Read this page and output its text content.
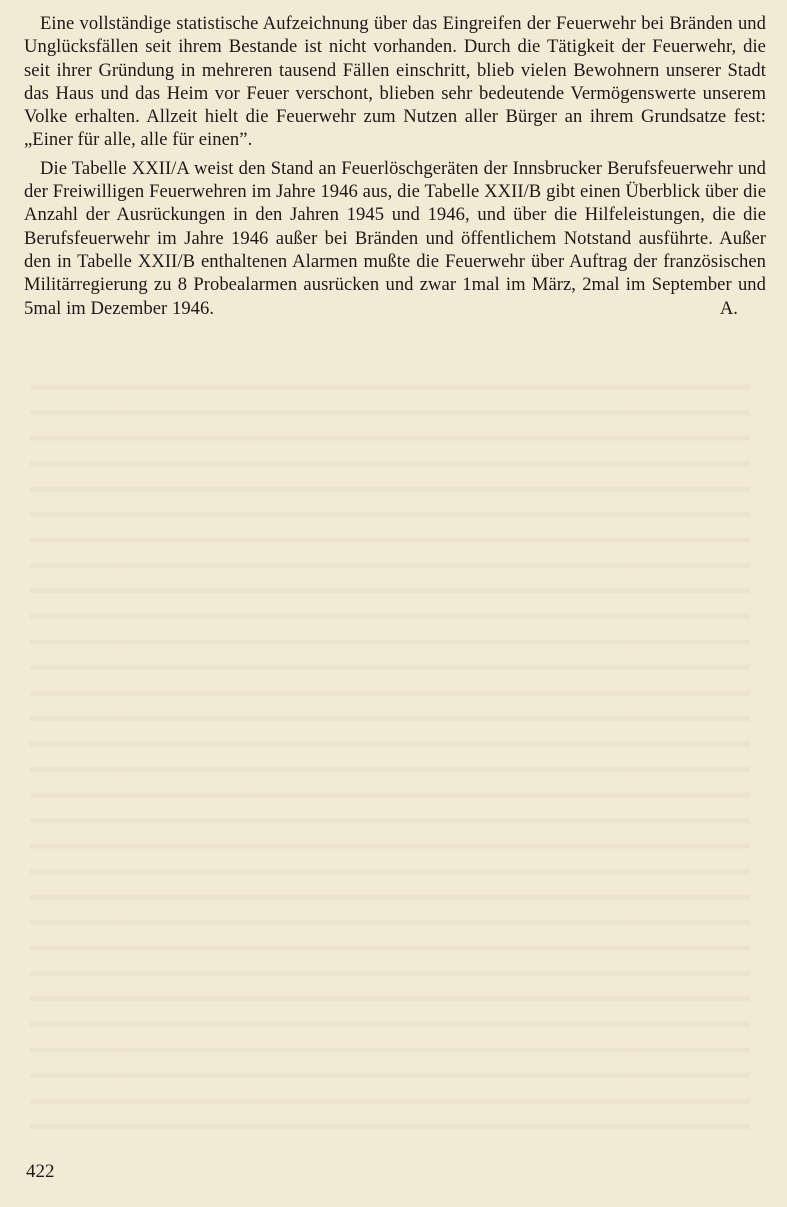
Eine vollständige statistische Aufzeichnung über das Eingreifen der Feuerwehr bei Bränden und Unglücksfällen seit ihrem Bestande ist nicht vorhanden. Durch die Tätigkeit der Feuerwehr, die seit ihrer Gründung in mehreren tausend Fällen einschritt, blieb vielen Bewohnern unserer Stadt das Haus und das Heim vor Feuer verschont, blieben sehr bedeutende Vermögenswerte unserem Volke erhalten. Allzeit hielt die Feuerwehr zum Nutzen aller Bürger an ihrem Grundsatze fest: „Einer für alle, alle für einen”.

Die Tabelle XXII/A weist den Stand an Feuerlöschgeräten der Innsbrucker Berufsfeuerwehr und der Freiwilligen Feuerwehren im Jahre 1946 aus, die Tabelle XXII/B gibt einen Überblick über die Anzahl der Ausrückungen in den Jahren 1945 und 1946, und über die Hilfeleistungen, die die Berufsfeuerwehr im Jahre 1946 außer bei Bränden und öffentlichem Notstand ausführte. Außer den in Tabelle XXII/B enthaltenen Alarmen mußte die Feuerwehr über Auftrag der französischen Militärregierung zu 8 Probealarmen ausrücken und zwar 1mal im März, 2mal im September und 5mal im Dezember 1946.	A.

422
